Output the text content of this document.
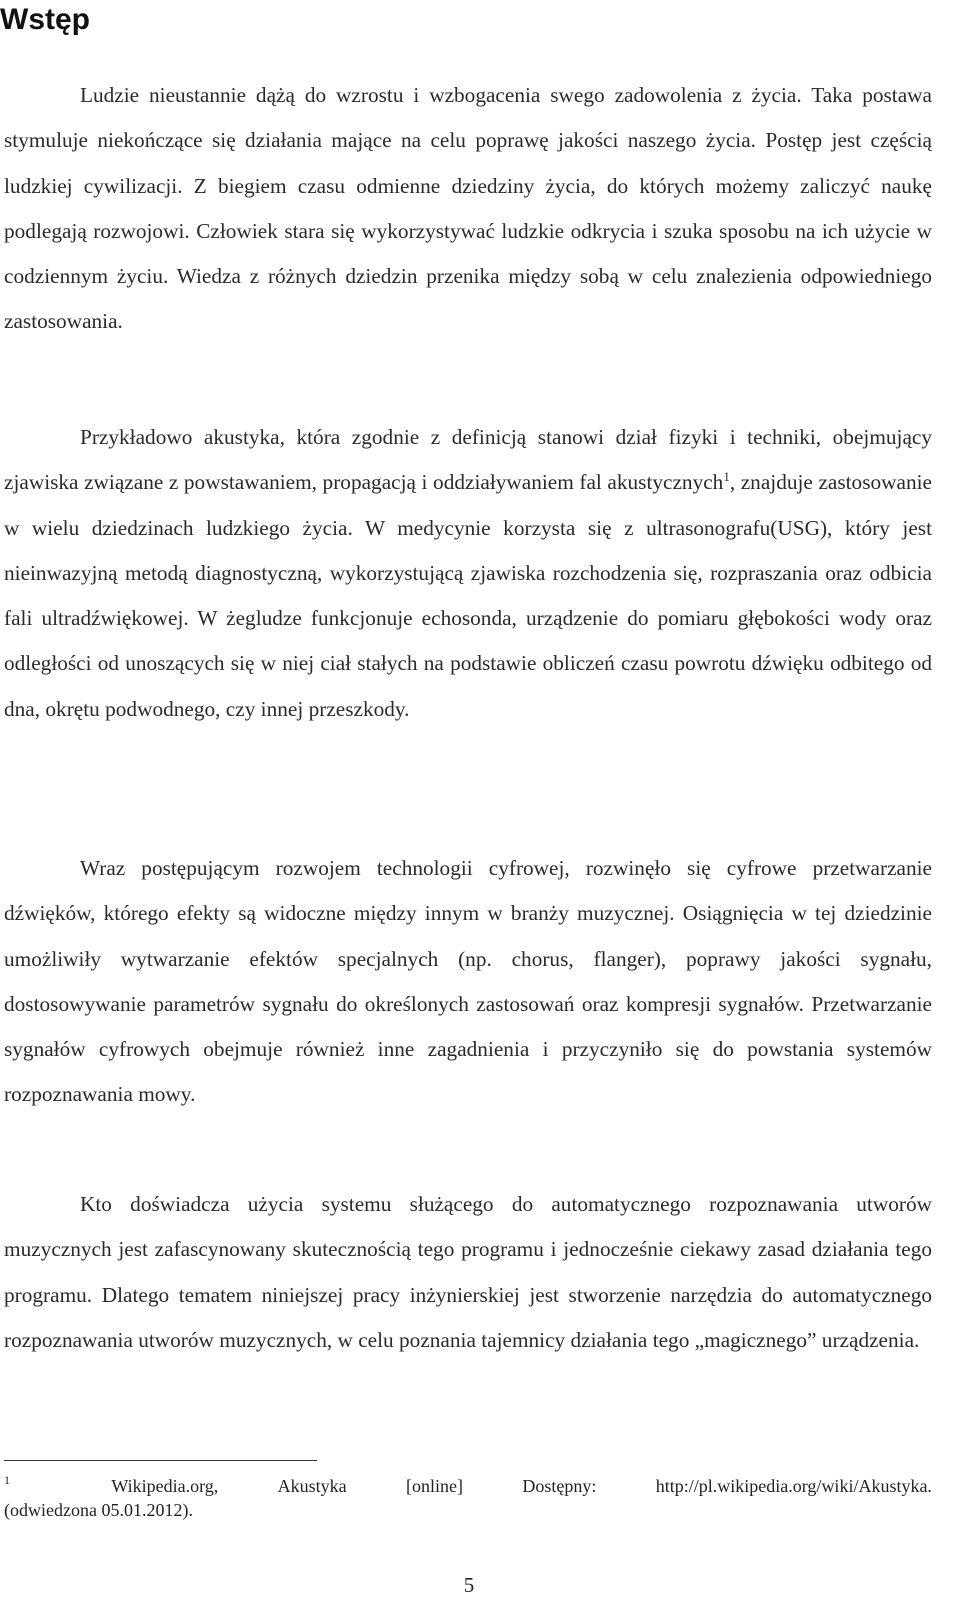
Wstęp

Ludzie nieustannie dążą do wzrostu i wzbogacenia swego zadowolenia z życia. Taka postawa stymuluje niekończące się działania mające na celu poprawę jakości naszego życia. Postęp jest częścią ludzkiej cywilizacji. Z biegiem czasu odmienne dziedziny życia, do których możemy zaliczyć naukę podlegają rozwojowi. Człowiek stara się wykorzystywać ludzkie odkrycia i szuka sposobu na ich użycie w codziennym życiu. Wiedza z różnych dziedzin przenika między sobą w celu znalezienia odpowiedniego zastosowania.

Przykładowo akustyka, która zgodnie z definicją stanowi dział fizyki i techniki, obejmujący zjawiska związane z powstawaniem, propagacją i oddziaływaniem fal akustycznych$^1$, znajduje zastosowanie w wielu dziedzinach ludzkiego życia. W medycynie korzysta się z ultrasonografu(USG), który jest nieinwazyjną metodą diagnostyczną, wykorzystującą zjawiska rozchodzenia się, rozpraszania oraz odbicia fali ultradźwiękowej. W żegludze funkcjonuje echosonda, urządzenie do pomiaru głębokości wody oraz odległości od unoszących się w niej ciał stałych na podstawie obliczeń czasu powrotu dźwięku odbitego od dna, okrętu podwodnego, czy innej przeszkody.

Wraz postępującym rozwojem technologii cyfrowej, rozwinęło się cyfrowe przetwarzanie dźwięków, którego efekty są widoczne między innym w branży muzycznej. Osiągnięcia w tej dziedzinie umożliwiły wytwarzanie efektów specjalnych (np. chorus, flanger), poprawy jakości sygnału, dostosowywanie parametrów sygnału do określonych zastosowań oraz kompresji sygnałów. Przetwarzanie sygnałów cyfrowych obejmuje również inne zagadnienia i przyczyniło się do powstania systemów rozpoznawania mowy.

Kto doświadcza użycia systemu służącego do automatycznego rozpoznawania utworów muzycznych jest zafascynowany skutecznością tego programu i jednocześnie ciekawy zasad działania tego programu. Dlatego tematem niniejszej pracy inżynierskiej jest stworzenie narzędzia do automatycznego rozpoznawania utworów muzycznych, w celu poznania tajemnicy działania tego „magicznego” urządzenia.

1	Wikipedia.org,	Akustyka	[online]	Dostępny:	http://pl.wikipedia.org/wiki/Akustyka.
(odwiedzona 05.01.2012).
5
